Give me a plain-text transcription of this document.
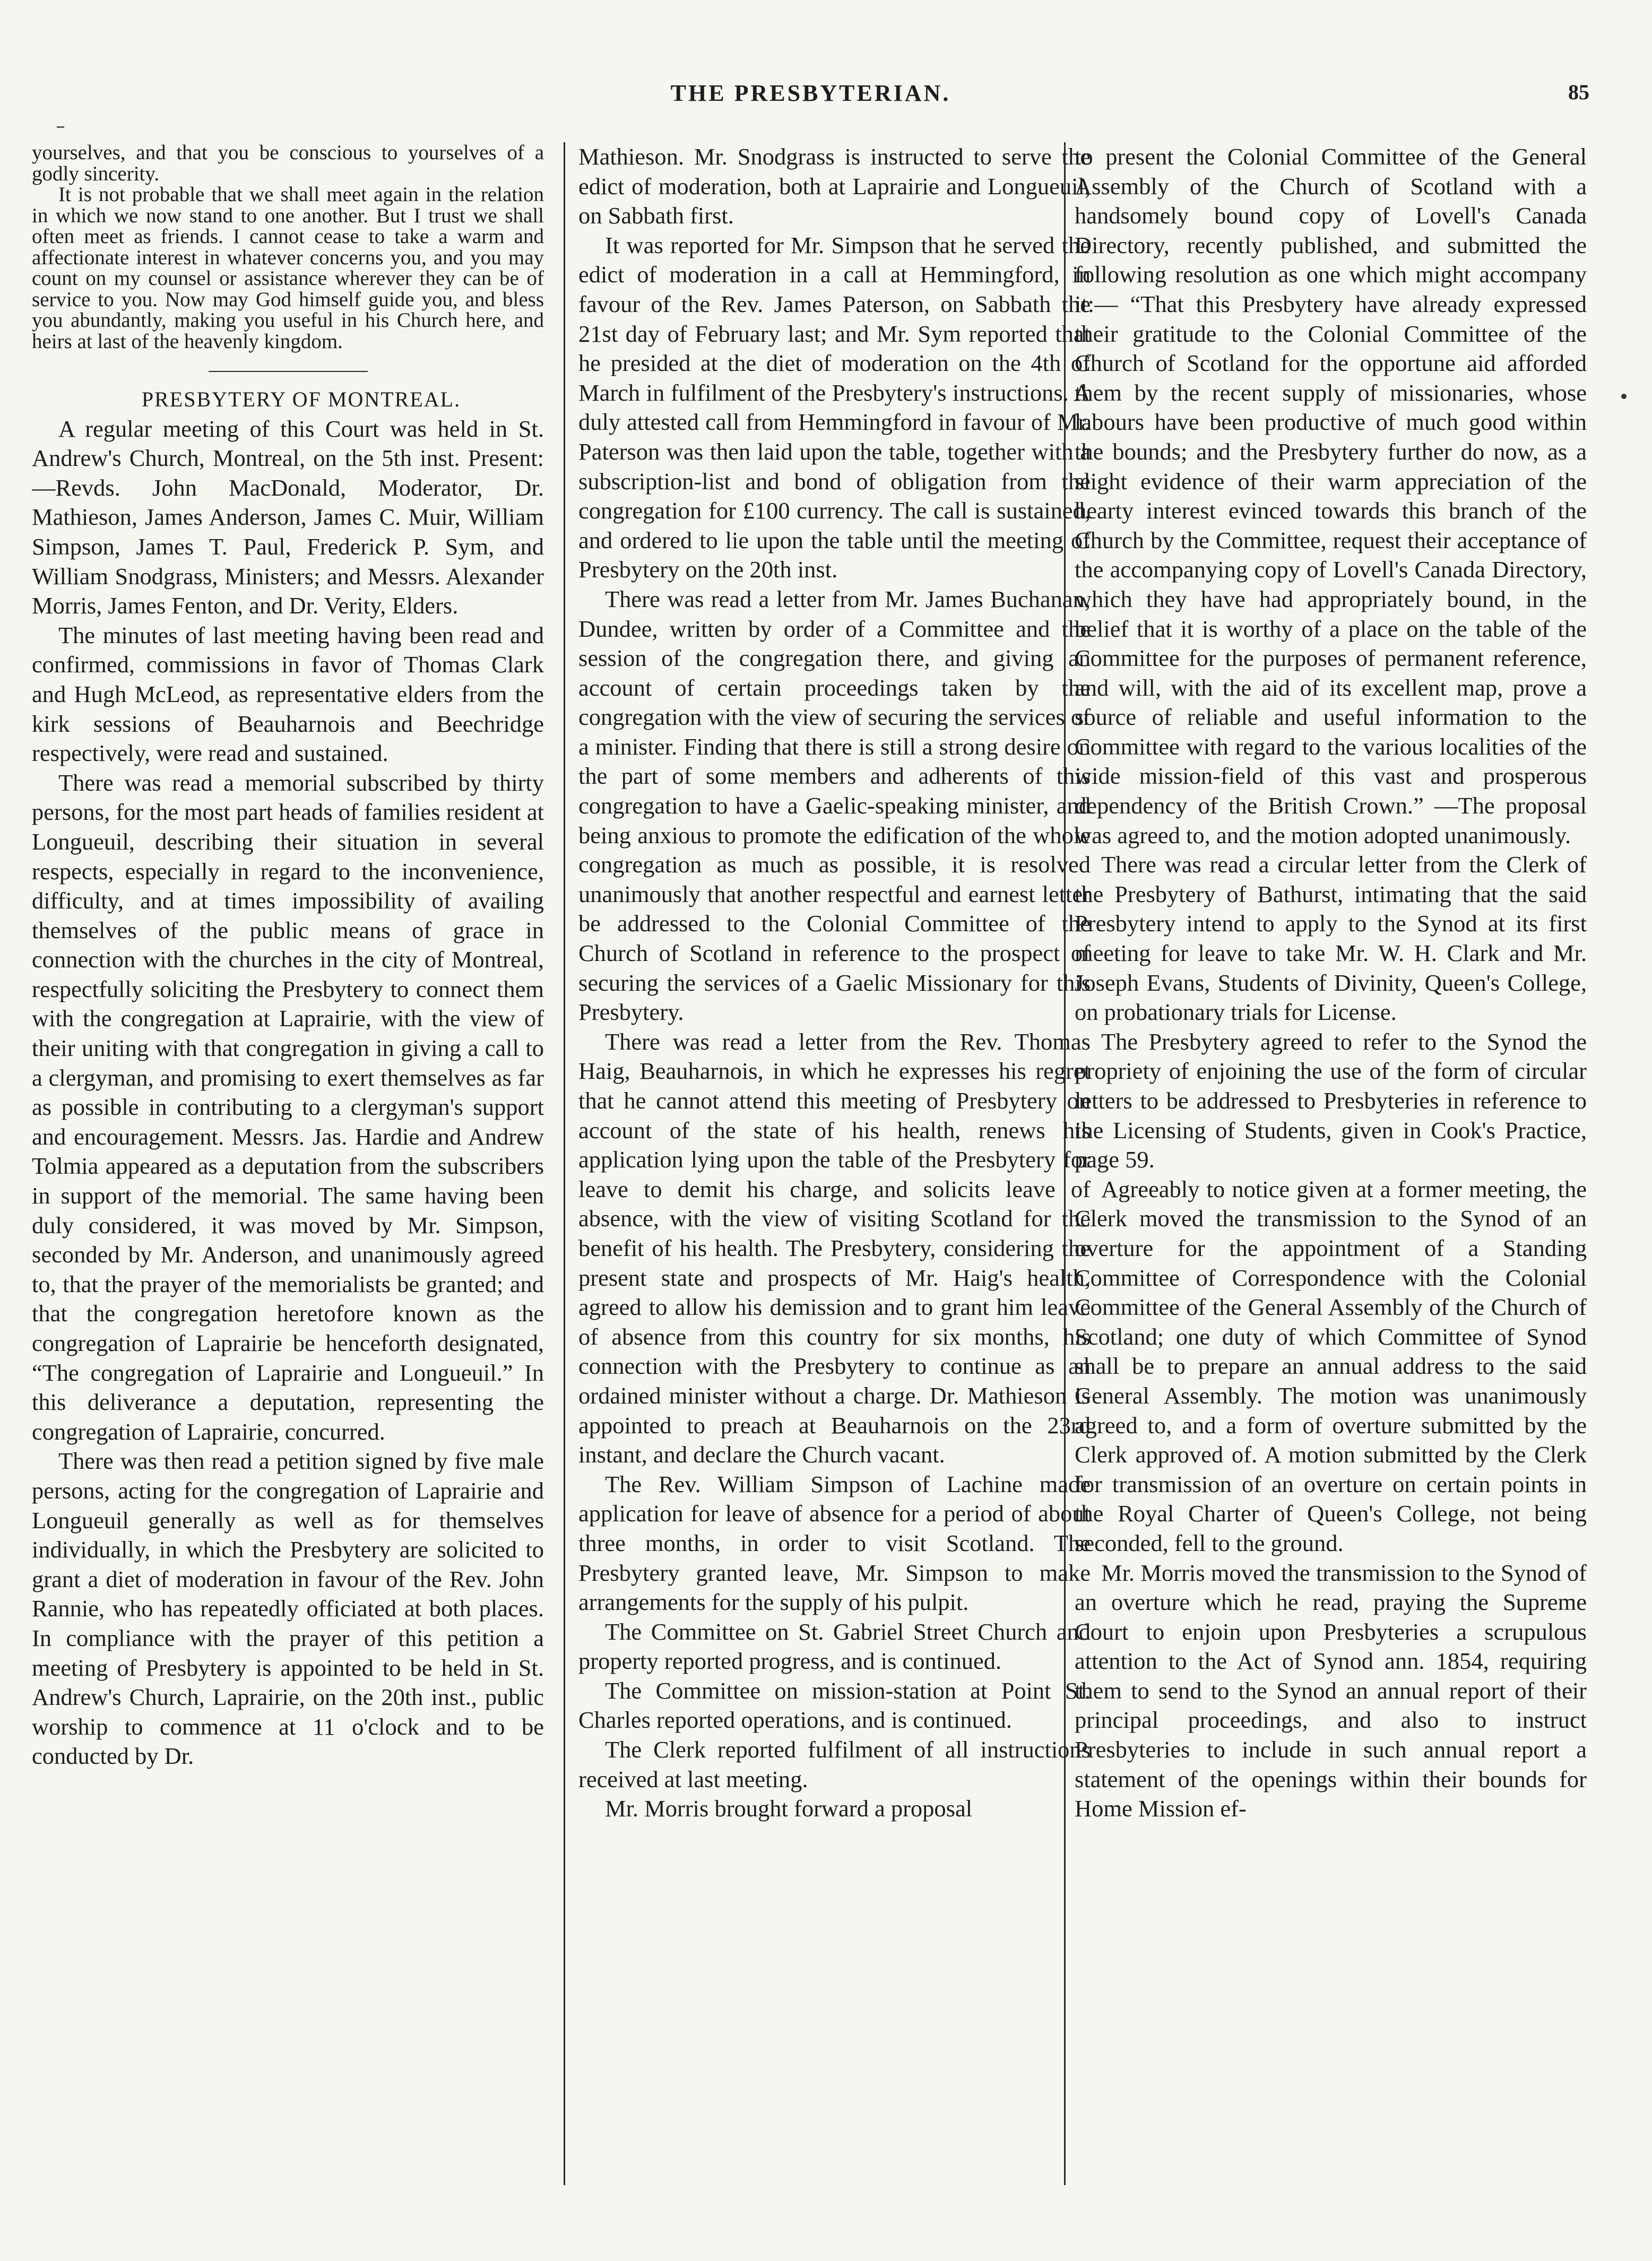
THE PRESBYTERIAN.	85

yourselves, and that you be conscious to yourselves of a godly sincerity.

It is not probable that we shall meet again in the relation in which we now stand to one another. But I trust we shall often meet as friends. I cannot cease to take a warm and affectionate interest in whatever concerns you, and you may count on my counsel or assistance wherever they can be of service to you. Now may God himself guide you, and bless you abundantly, making you useful in his Church here, and heirs at last of the heavenly kingdom.

PRESBYTERY OF MONTREAL.

A regular meeting of this Court was held in St. Andrew's Church, Montreal, on the 5th inst. Present:—Revds. John MacDonald, Moderator, Dr. Mathieson, James Anderson, James C. Muir, William Simpson, James T. Paul, Frederick P. Sym, and William Snodgrass, Ministers; and Messrs. Alexander Morris, James Fenton, and Dr. Verity, Elders.

The minutes of last meeting having been read and confirmed, commissions in favor of Thomas Clark and Hugh McLeod, as representative elders from the kirk sessions of Beauharnois and Beechridge respectively, were read and sustained.

There was read a memorial subscribed by thirty persons, for the most part heads of families resident at Longueuil, describing their situation in several respects, especially in regard to the inconvenience, difficulty, and at times impossibility of availing themselves of the public means of grace in connection with the churches in the city of Montreal, respectfully soliciting the Presbytery to connect them with the congregation at Laprairie, with the view of their uniting with that congregation in giving a call to a clergyman, and promising to exert themselves as far as possible in contributing to a clergyman's support and encouragement. Messrs. Jas. Hardie and Andrew Tolmia appeared as a deputation from the subscribers in support of the memorial. The same having been duly considered, it was moved by Mr. Simpson, seconded by Mr. Anderson, and unanimously agreed to, that the prayer of the memorialists be granted; and that the congregation heretofore known as the congregation of Laprairie be henceforth designated, “The congregation of Laprairie and Longueuil.” In this deliverance a deputation, representing the congregation of Laprairie, concurred.

There was then read a petition signed by five male persons, acting for the congregation of Laprairie and Longueuil generally as well as for themselves individually, in which the Presbytery are solicited to grant a diet of moderation in favour of the Rev. John Rannie, who has repeatedly officiated at both places. In compliance with the prayer of this petition a meeting of Presbytery is appointed to be held in St. Andrew's Church, Laprairie, on the 20th inst., public worship to commence at 11 o'clock and to be conducted by Dr.

Mathieson. Mr. Snodgrass is instructed to serve the edict of moderation, both at Laprairie and Longueuil, on Sabbath first.

It was reported for Mr. Simpson that he served the edict of moderation in a call at Hemmingford, in favour of the Rev. James Paterson, on Sabbath the 21st day of February last; and Mr. Sym reported that he presided at the diet of moderation on the 4th of March in fulfilment of the Presbytery's instructions. A duly attested call from Hemmingford in favour of Mr. Paterson was then laid upon the table, together with a subscription-list and bond of obligation from the congregation for £100 currency. The call is sustained, and ordered to lie upon the table until the meeting of Presbytery on the 20th inst.

There was read a letter from Mr. James Buchanan, Dundee, written by order of a Committee and the session of the congregation there, and giving an account of certain proceedings taken by the congregation with the view of securing the services of a minister. Finding that there is still a strong desire on the part of some members and adherents of this congregation to have a Gaelic-speaking minister, and being anxious to promote the edification of the whole congregation as much as possible, it is resolved unanimously that another respectful and earnest letter be addressed to the Colonial Committee of the Church of Scotland in reference to the prospect of securing the services of a Gaelic Missionary for this Presbytery.

There was read a letter from the Rev. Thomas Haig, Beauharnois, in which he expresses his regret that he cannot attend this meeting of Presbytery on account of the state of his health, renews his application lying upon the table of the Presbytery for leave to demit his charge, and solicits leave of absence, with the view of visiting Scotland for the benefit of his health. The Presbytery, considering the present state and prospects of Mr. Haig's health, agreed to allow his demission and to grant him leave of absence from this country for six months, his connection with the Presbytery to continue as an ordained minister without a charge. Dr. Mathieson is appointed to preach at Beauharnois on the 23rd instant, and declare the Church vacant.

The Rev. William Simpson of Lachine made application for leave of absence for a period of about three months, in order to visit Scotland. The Presbytery granted leave, Mr. Simpson to make arrangements for the supply of his pulpit.

The Committee on St. Gabriel Street Church and property reported progress, and is continued.

The Committee on mission-station at Point St. Charles reported operations, and is continued.

The Clerk reported fulfilment of all instructions received at last meeting.

Mr. Morris brought forward a proposal

to present the Colonial Committee of the General Assembly of the Church of Scotland with a handsomely bound copy of Lovell's Canada Directory, recently published, and submitted the following resolution as one which might accompany it:— “That this Presbytery have already expressed their gratitude to the Colonial Committee of the Church of Scotland for the opportune aid afforded them by the recent supply of missionaries, whose labours have been productive of much good within the bounds; and the Presbytery further do now, as a slight evidence of their warm appreciation of the hearty interest evinced towards this branch of the Church by the Committee, request their acceptance of the accompanying copy of Lovell's Canada Directory, which they have had appropriately bound, in the belief that it is worthy of a place on the table of the Committee for the purposes of permanent reference, and will, with the aid of its excellent map, prove a source of reliable and useful information to the Committee with regard to the various localities of the wide mission-field of this vast and prosperous dependency of the British Crown.” —The proposal was agreed to, and the motion adopted unanimously.

There was read a circular letter from the Clerk of the Presbytery of Bathurst, intimating that the said Presbytery intend to apply to the Synod at its first meeting for leave to take Mr. W. H. Clark and Mr. Joseph Evans, Students of Divinity, Queen's College, on probationary trials for License.

The Presbytery agreed to refer to the Synod the propriety of enjoining the use of the form of circular letters to be addressed to Presbyteries in reference to the Licensing of Students, given in Cook's Practice, page 59.

Agreeably to notice given at a former meeting, the Clerk moved the transmission to the Synod of an overture for the appointment of a Standing Committee of Correspondence with the Colonial Committee of the General Assembly of the Church of Scotland; one duty of which Committee of Synod shall be to prepare an annual address to the said General Assembly. The motion was unanimously agreed to, and a form of overture submitted by the Clerk approved of. A motion submitted by the Clerk for transmission of an overture on certain points in the Royal Charter of Queen's College, not being seconded, fell to the ground.

Mr. Morris moved the transmission to the Synod of an overture which he read, praying the Supreme Court to enjoin upon Presbyteries a scrupulous attention to the Act of Synod ann. 1854, requiring them to send to the Synod an annual report of their principal proceedings, and also to instruct Presbyteries to include in such annual report a statement of the openings within their bounds for Home Mission ef-
